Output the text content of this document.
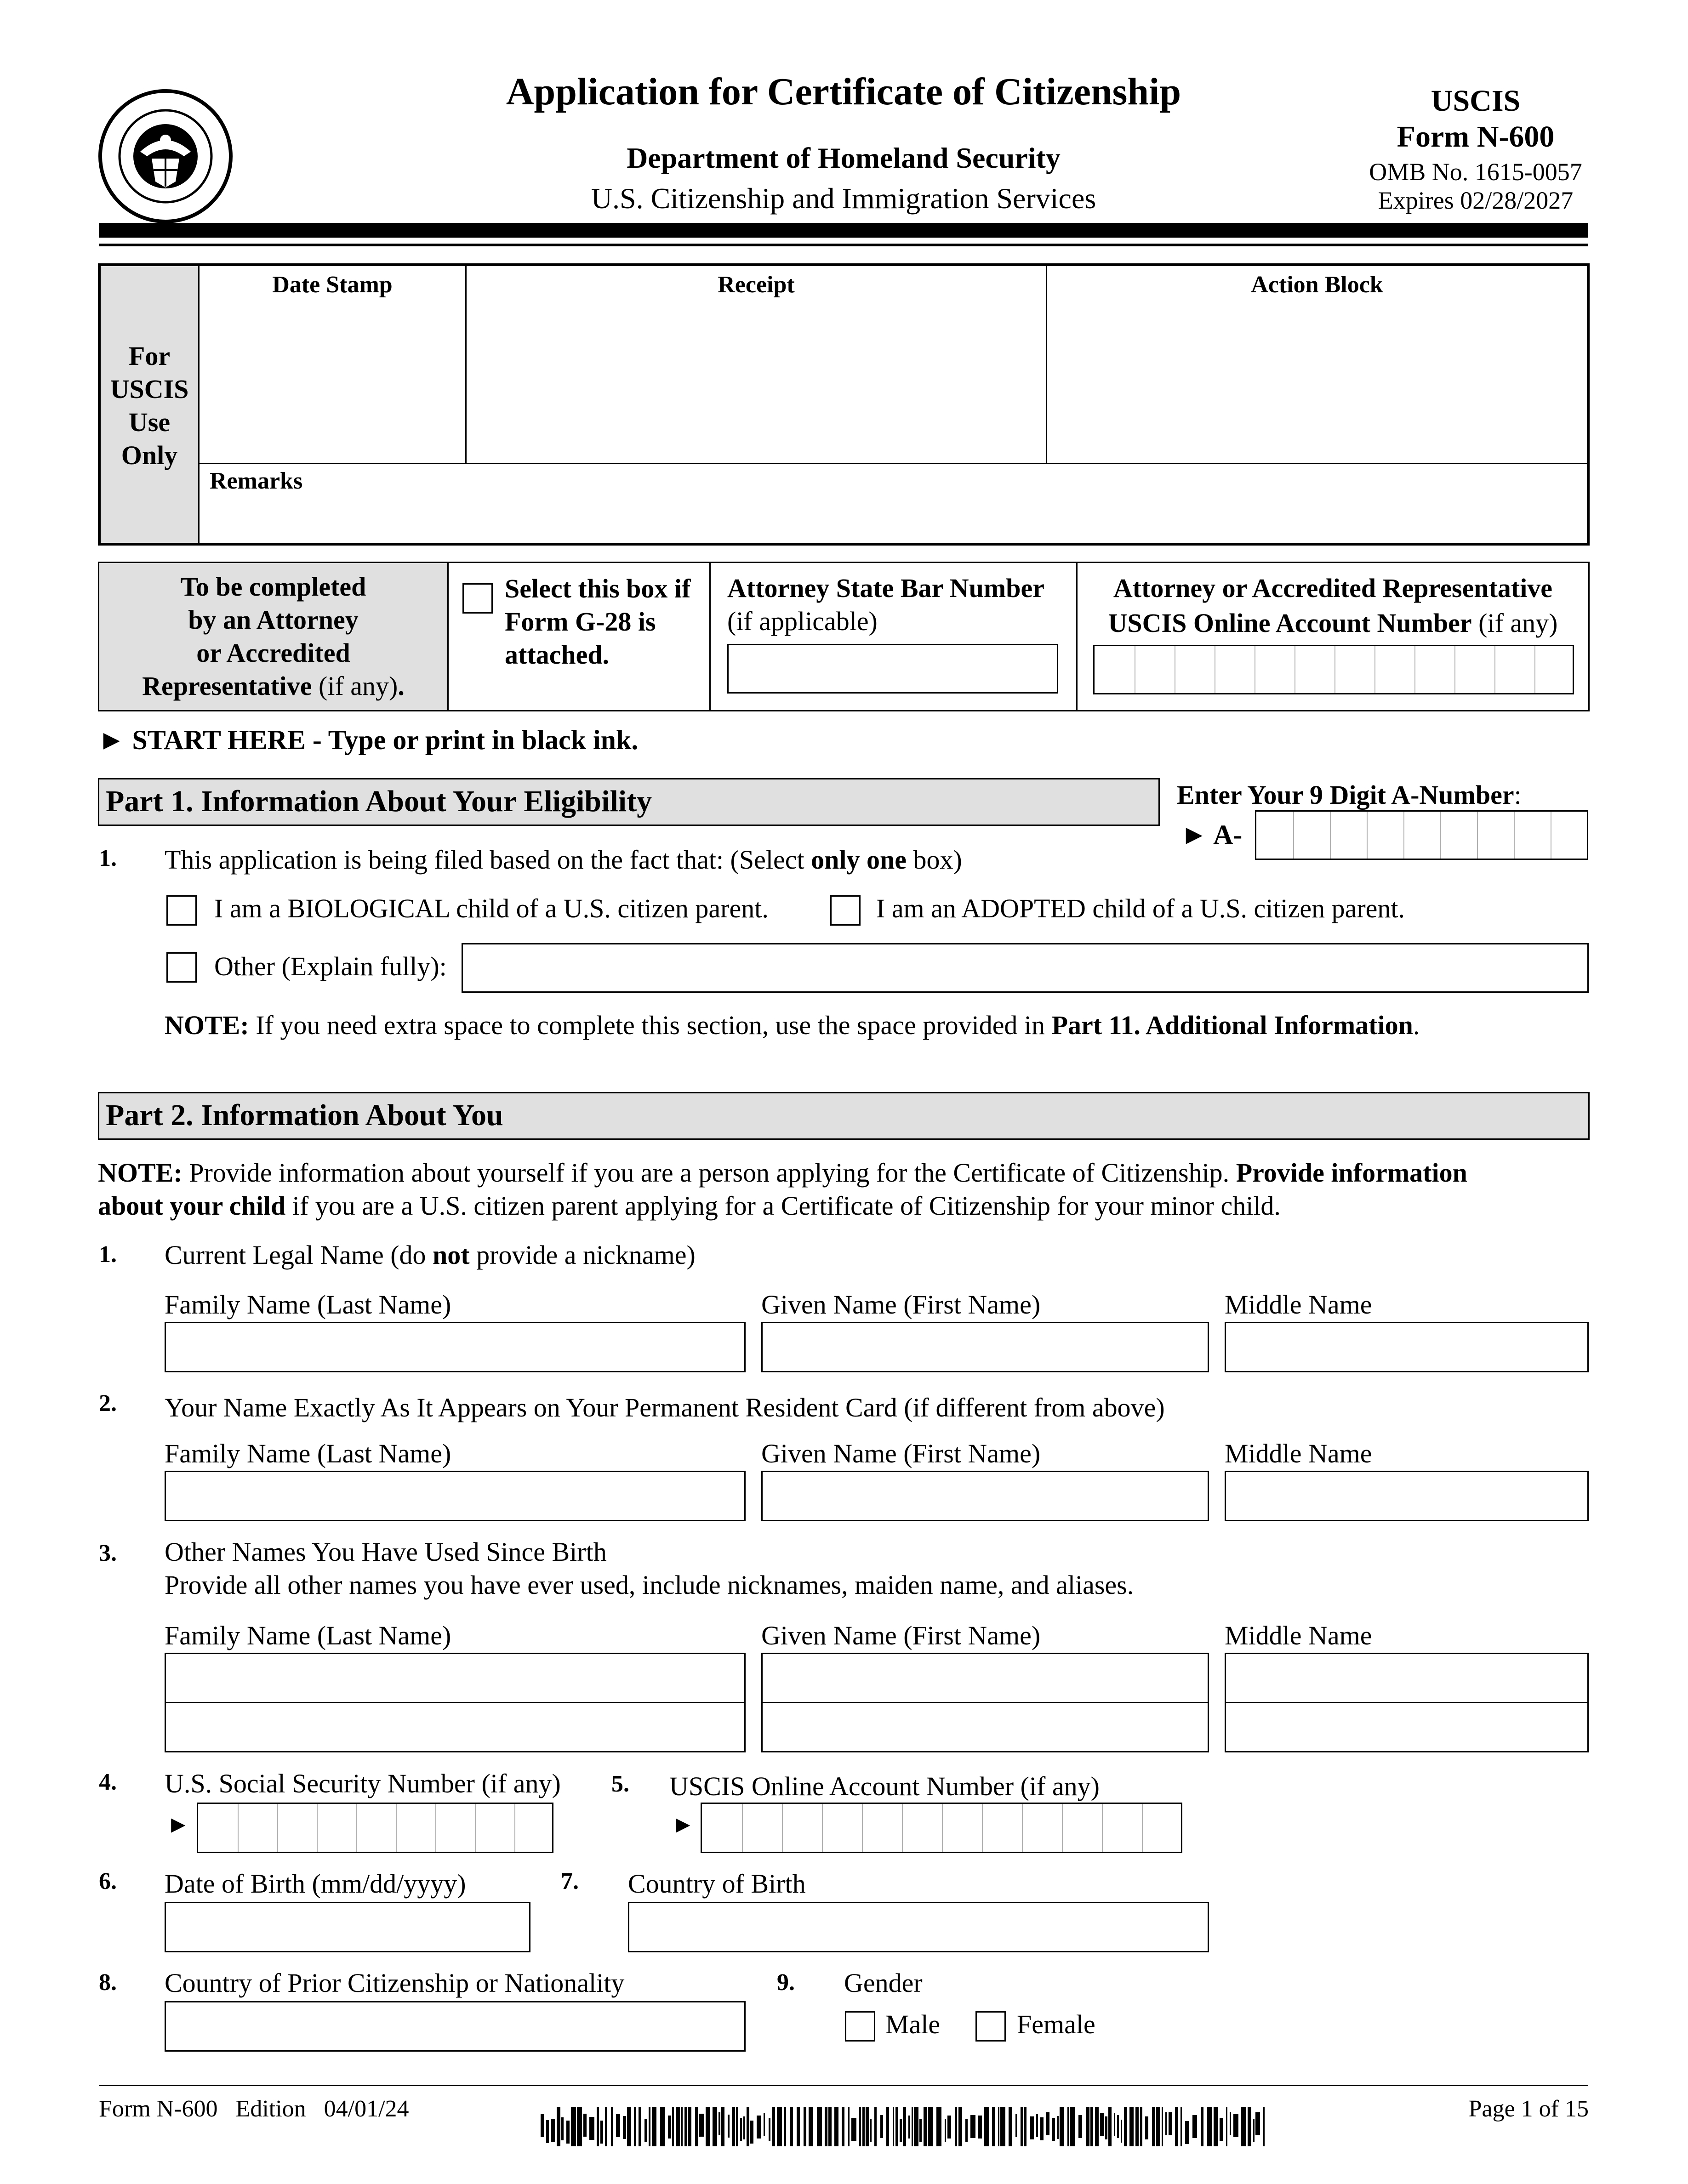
Application for Certificate of Citizenship
Department of Homeland Security
U.S. Citizenship and Immigration Services
USCIS
Form N-600
OMB No. 1615-0057
Expires 02/28/2027
For
USCIS
Use
Only
Date Stamp	Receipt	Action Block
Remarks
To be completed
by an Attorney
or Accredited
Representative (if any).
Select this box if
Form G-28 is
attached.
Attorney State Bar Number
(if applicable)
Attorney or Accredited Representative
USCIS Online Account Number (if any)
► START HERE - Type or print in black ink.
Part 1. Information About Your Eligibility	Enter Your 9 Digit A-Number:
► A-
1. This application is being filed based on the fact that: (Select only one box)
I am a BIOLOGICAL child of a U.S. citizen parent.	I am an ADOPTED child of a U.S. citizen parent.
Other (Explain fully):
NOTE: If you need extra space to complete this section, use the space provided in Part 11. Additional Information.
Part 2. Information About You
NOTE: Provide information about yourself if you are a person applying for the Certificate of Citizenship. Provide information
about your child if you are a U.S. citizen parent applying for a Certificate of Citizenship for your minor child.
1. Current Legal Name (do not provide a nickname)
Family Name (Last Name)	Given Name (First Name)	Middle Name
2. Your Name Exactly As It Appears on Your Permanent Resident Card (if different from above)
Family Name (Last Name)	Given Name (First Name)	Middle Name
3. Other Names You Have Used Since Birth
Provide all other names you have ever used, include nicknames, maiden name, and aliases.
Family Name (Last Name)	Given Name (First Name)	Middle Name
4. U.S. Social Security Number (if any)
►
5. USCIS Online Account Number (if any)
►
6. Date of Birth (mm/dd/yyyy)	7. Country of Birth
8. Country of Prior Citizenship or Nationality	9. Gender
Male	Female
Form N-600   Edition   04/01/24	Page 1 of 15
